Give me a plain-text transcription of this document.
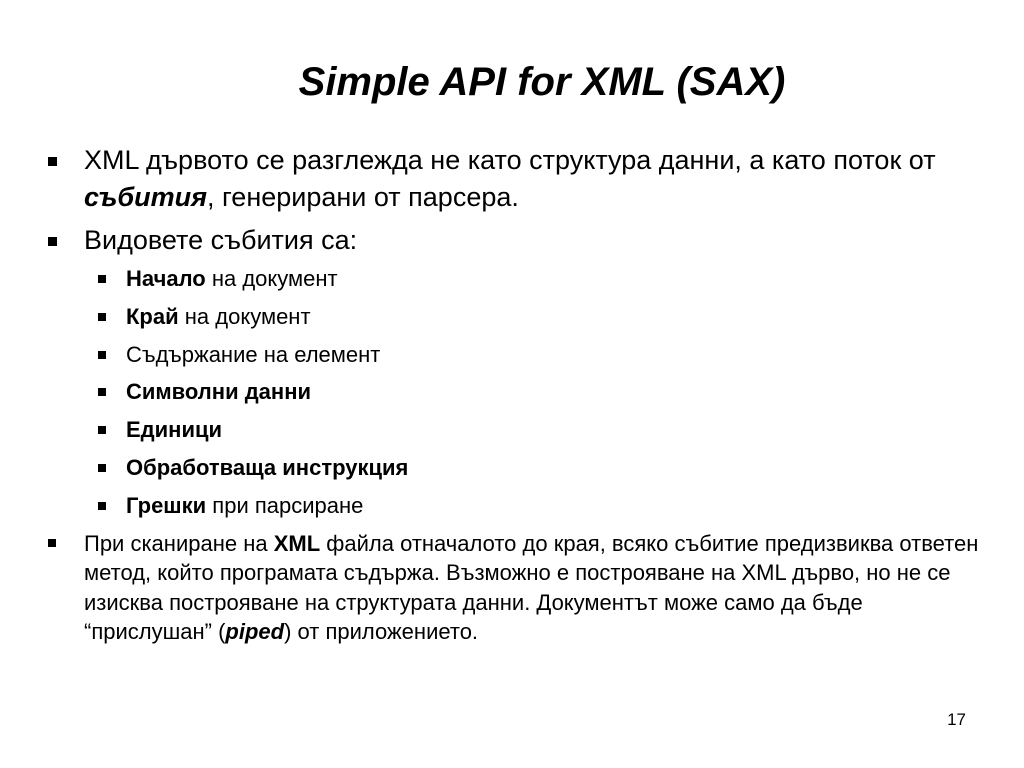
Simple API for XML (SAX)
XML дървото се разглежда не като структура данни, а като поток от събития, генерирани от парсера.
Видовете събития са:
Начало на документ
Край на документ
Съдържание на елемент
Символни данни
Единици
Обработваща инструкция
Грешки при парсиране
При сканиране на XML файла отначалото до края, всяко събитие предизвиква ответен метод, който програмата съдържа. Възможно е построяване на XML дърво, но не се изисква построяване на структурата данни. Документът може само да бъде “прислушан” (piped) от приложението.
17
